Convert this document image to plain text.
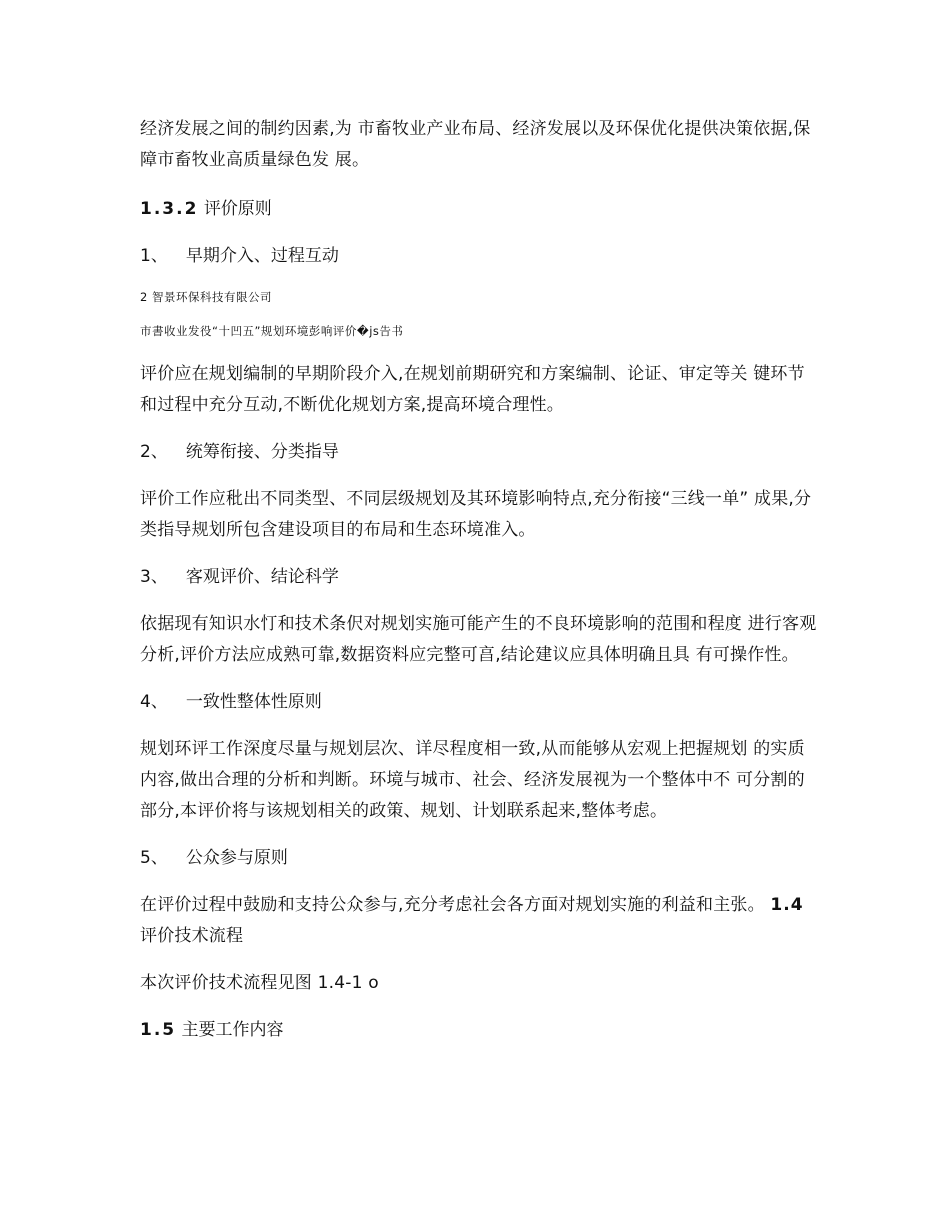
经济发展之间的制约因素,为 市畜牧业产业布局、经济发展以及环保优化提供决策依据,保障市畜牧业高质量绿色发 展。

1.3.2 评价原则

1、 早期介入、过程互动

2 智景环保科技有限公司

市書收业发役“十凹五”规划环境彭响评价�js告书

评价应在规划编制的早期阶段介入,在规划前期研究和方案编制、论证、审定等关 键环节和过程中充分互动,不断优化规划方案,提高环境合理性。

2、 统筹衔接、分类指导

评价工作应秕出不同类型、不同层级规划及其环境影响特点,充分衔接“三线一单” 成果,分类指导规划所包含建设项目的布局和生态环境准入。

3、 客观评价、结论科学

依据现有知识水忊和技术条伬对规划实施可能产生的不良环境影响的范围和程度 进行客观分析,评价方法应成熟可靠,数据资料应完整可亯,结论建议应具体明确且具 有可操作性。

4、 一致性整体性原则

规划环评工作深度尽量与规划层次、详尽程度相一致,从而能够从宏观上把握规划 的实质内容,做出合理的分析和判断。环境与城市、社会、经济发展视为一个整体中不 可分割的部分,本评价将与该规划相关的政策、规划、计划联系起来,整体考虑。

5、 公众参与原则

在评价过程中鼓励和支持公众参与,充分考虑社会各方面对规划实施的利益和主张。 1.4 评价技术流程

本次评价技术流程见图 1.4-1 o

1.5 主要工作内容
